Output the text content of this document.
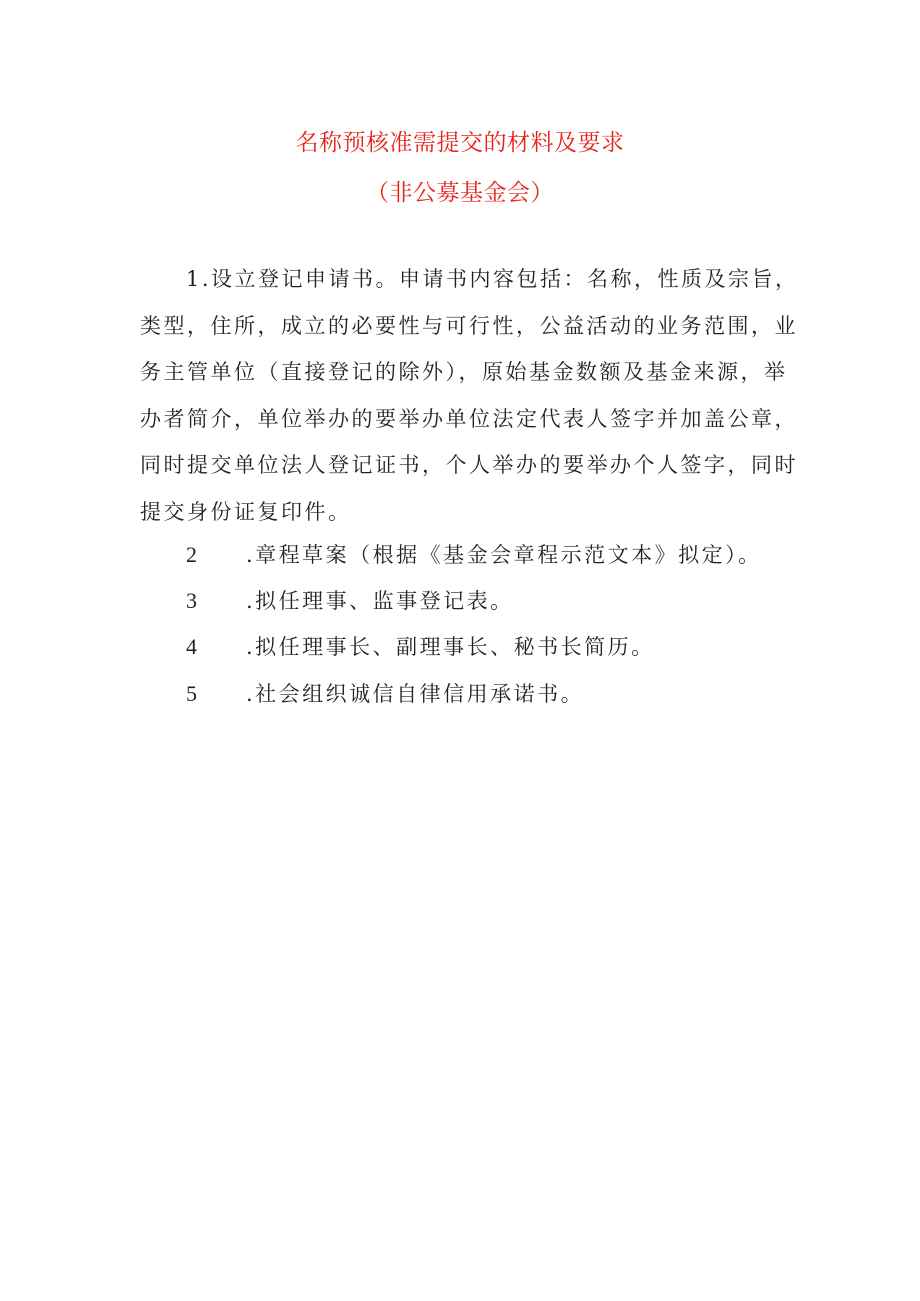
名称预核准需提交的材料及要求
（非公募基金会）
1.设立登记申请书。申请书内容包括：名称，性质及宗旨，类型，住所，成立的必要性与可行性，公益活动的业务范围，业务主管单位（直接登记的除外），原始基金数额及基金来源，举办者简介，单位举办的要举办单位法定代表人签字并加盖公章，同时提交单位法人登记证书，个人举办的要举办个人签字，同时提交身份证复印件。
2 .章程草案（根据《基金会章程示范文本》拟定）。
3 .拟任理事、监事登记表。
4 .拟任理事长、副理事长、秘书长简历。
5 .社会组织诚信自律信用承诺书。
